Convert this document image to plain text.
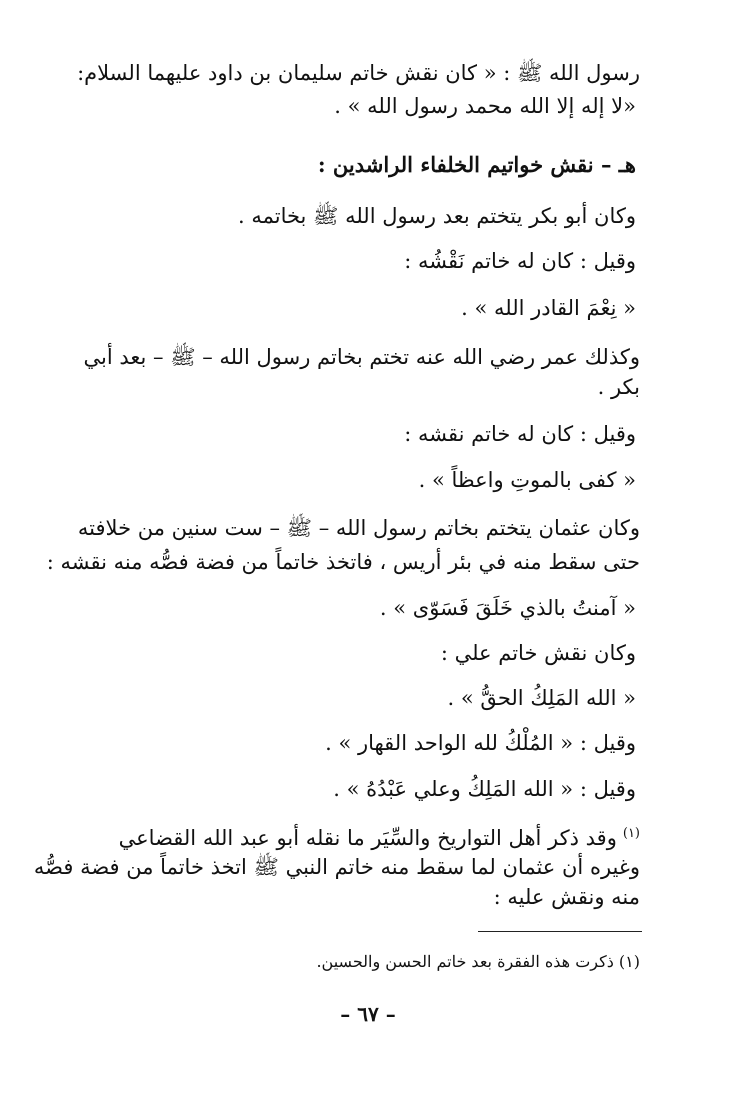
رسول الله ﷺ : « كان نقش خاتم سليمان بن داود عليهما السلام:
«لا إله إلا الله محمد رسول الله » .
هـ – نقش خواتيم الخلفاء الراشدين :
وكان أبو بكر يتختم بعد رسول الله ﷺ بخاتمه .
وقيل : كان له خاتم نَقْشُه :
« نِعْمَ القادر الله » .
وكذلك عمر رضي الله عنه تختم بخاتم رسول الله – ﷺ – بعد أبي
بكر .
وقيل : كان له خاتم نقشه :
« كفى بالموتِ واعظاً » .
وكان عثمان يتختم بخاتم رسول الله – ﷺ – ست سنين من خلافته
حتى سقط منه في بئر أريس ، فاتخذ خاتماً من فضة فصُّه منه نقشه :
« آمنتُ بالذي خَلَقَ فَسَوّى » .
وكان نقش خاتم علي :
« الله المَلِكُ الحقُّ » .
وقيل : « المُلْكُ لله الواحد القهار » .
وقيل : « الله المَلِكُ وعلي عَبْدُهُ » .
$^{(١)}$وقد ذكر أهل التواريخ والسِّيَر ما نقله أبو عبد الله القضاعي
وغيره أن عثمان لما سقط منه خاتم النبي ﷺ اتخذ خاتماً من فضة فصُّه
منه ونقش عليه :
(١) ذكرت هذه الفقرة بعد خاتم الحسن والحسين.
– ٦٧ –
